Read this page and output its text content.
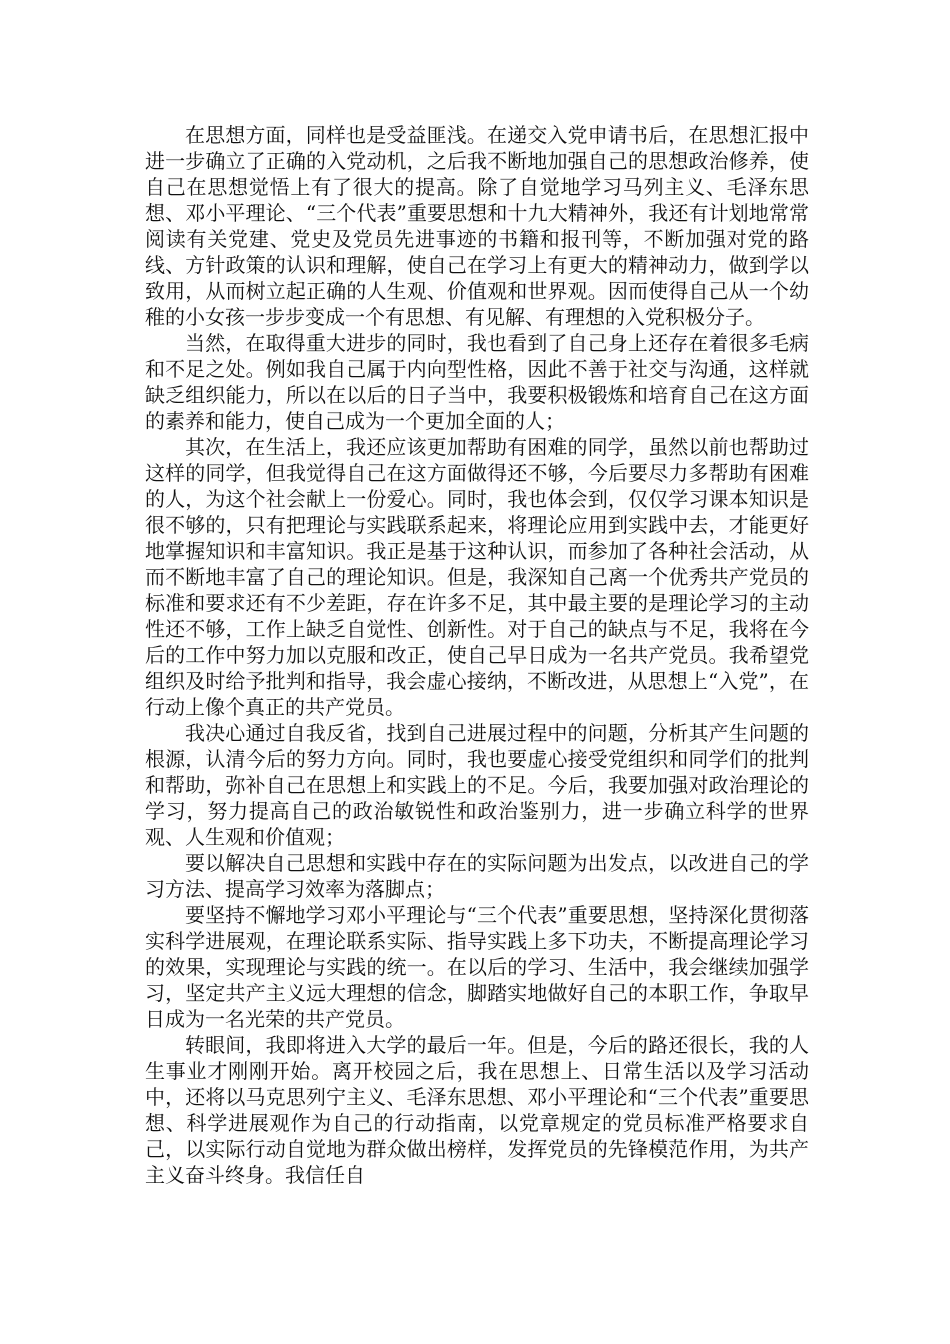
在思想方面，同样也是受益匪浅。在递交入党申请书后，在思想汇报中进一步确立了正确的入党动机，之后我不断地加强自己的思想政治修养，使自己在思想觉悟上有了很大的提高。除了自觉地学习马列主义、毛泽东思想、邓小平理论、“三个代表”重要思想和十九大精神外，我还有计划地常常阅读有关党建、党史及党员先进事迹的书籍和报刊等，不断加强对党的路线、方针政策的认识和理解，使自己在学习上有更大的精神动力，做到学以致用，从而树立起正确的人生观、价值观和世界观。因而使得自己从一个幼稚的小女孩一步步变成一个有思想、有见解、有理想的入党积极分子。

当然，在取得重大进步的同时，我也看到了自己身上还存在着很多毛病和不足之处。例如我自己属于内向型性格，因此不善于社交与沟通，这样就缺乏组织能力，所以在以后的日子当中，我要积极锻炼和培育自己在这方面的素养和能力，使自己成为一个更加全面的人；

其次，在生活上，我还应该更加帮助有困难的同学，虽然以前也帮助过这样的同学，但我觉得自己在这方面做得还不够，今后要尽力多帮助有困难的人，为这个社会献上一份爱心。同时，我也体会到，仅仅学习课本知识是很不够的，只有把理论与实践联系起来，将理论应用到实践中去，才能更好地掌握知识和丰富知识。我正是基于这种认识，而参加了各种社会活动，从而不断地丰富了自己的理论知识。但是，我深知自己离一个优秀共产党员的标准和要求还有不少差距，存在许多不足，其中最主要的是理论学习的主动性还不够，工作上缺乏自觉性、创新性。对于自己的缺点与不足，我将在今后的工作中努力加以克服和改正，使自己早日成为一名共产党员。我希望党组织及时给予批判和指导，我会虚心接纳，不断改进，从思想上“入党”，在行动上像个真正的共产党员。

我决心通过自我反省，找到自己进展过程中的问题，分析其产生问题的根源，认清今后的努力方向。同时，我也要虚心接受党组织和同学们的批判和帮助，弥补自己在思想上和实践上的不足。今后，我要加强对政治理论的学习，努力提高自己的政治敏锐性和政治鉴别力，进一步确立科学的世界观、人生观和价值观；

要以解决自己思想和实践中存在的实际问题为出发点，以改进自己的学习方法、提高学习效率为落脚点；

要坚持不懈地学习邓小平理论与“三个代表”重要思想，坚持深化贯彻落实科学进展观，在理论联系实际、指导实践上多下功夫，不断提高理论学习的效果，实现理论与实践的统一。在以后的学习、生活中，我会继续加强学习，坚定共产主义远大理想的信念，脚踏实地做好自己的本职工作，争取早日成为一名光荣的共产党员。

转眼间，我即将进入大学的最后一年。但是，今后的路还很长，我的人生事业才刚刚开始。离开校园之后，我在思想上、日常生活以及学习活动中，还将以马克思列宁主义、毛泽东思想、邓小平理论和“三个代表”重要思想、科学进展观作为自己的行动指南，以党章规定的党员标准严格要求自己，以实际行动自觉地为群众做出榜样，发挥党员的先锋模范作用，为共产主义奋斗终身。我信任自
